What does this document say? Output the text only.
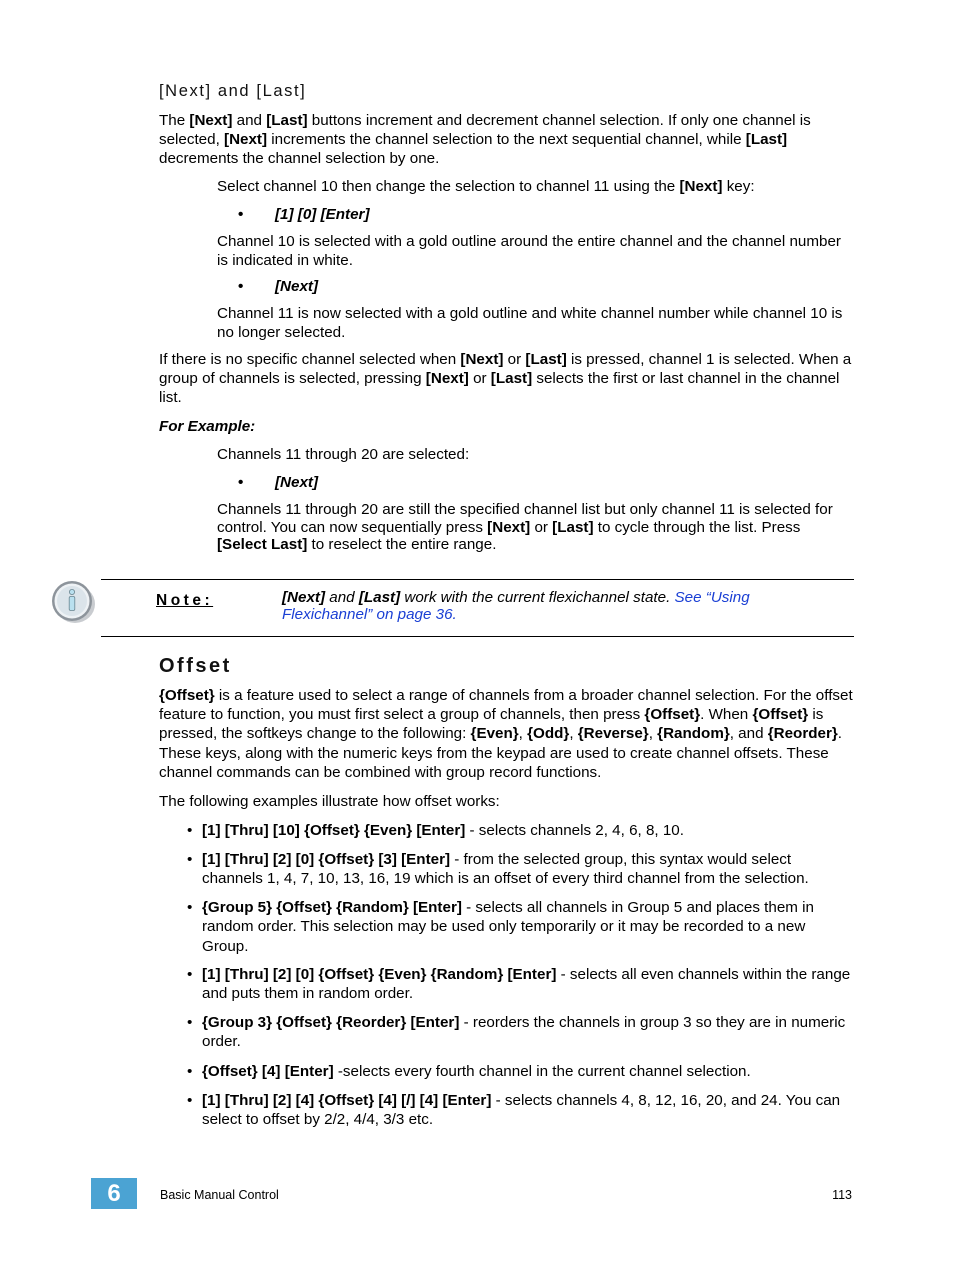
[Next] and [Last]

The [Next] and [Last] buttons increment and decrement channel selection. If only one channel is selected, [Next] increments the channel selection to the next sequential channel, while [Last] decrements the channel selection by one.

Select channel 10 then change the selection to channel 11 using the [Next] key:

• [1] [0] [Enter]

Channel 10 is selected with a gold outline around the entire channel and the channel number is indicated in white.

• [Next]

Channel 11 is now selected with a gold outline and white channel number while channel 10 is no longer selected.

If there is no specific channel selected when [Next] or [Last] is pressed, channel 1 is selected. When a group of channels is selected, pressing [Next] or [Last] selects the first or last channel in the channel list.

For Example:

Channels 11 through 20 are selected:

• [Next]

Channels 11 through 20 are still the specified channel list but only channel 11 is selected for control. You can now sequentially press [Next] or [Last] to cycle through the list. Press [Select Last] to reselect the entire range.

Note:	[Next] and [Last] work with the current flexichannel state. See “Using Flexichannel” on page 36.
Offset

{Offset} is a feature used to select a range of channels from a broader channel selection. For the offset feature to function, you must first select a group of channels, then press {Offset}. When {Offset} is pressed, the softkeys change to the following: {Even}, {Odd}, {Reverse}, {Random}, and {Reorder}. These keys, along with the numeric keys from the keypad are used to create channel offsets. These channel commands can be combined with group record functions.

The following examples illustrate how offset works:

• [1] [Thru] [10] {Offset} {Even} [Enter] - selects channels 2, 4, 6, 8, 10.
• [1] [Thru] [2] [0] {Offset} [3] [Enter] - from the selected group, this syntax would select channels 1, 4, 7, 10, 13, 16, 19 which is an offset of every third channel from the selection.
• {Group 5} {Offset} {Random} [Enter] - selects all channels in Group 5 and places them in random order. This selection may be used only temporarily or it may be recorded to a new Group.
• [1] [Thru] [2] [0] {Offset} {Even} {Random} [Enter] - selects all even channels within the range and puts them in random order.
• {Group 3} {Offset} {Reorder} [Enter] - reorders the channels in group 3 so they are in numeric order.
• {Offset} [4] [Enter] -selects every fourth channel in the current channel selection.
• [1] [Thru] [2] [4] {Offset} [4] [/] [4] [Enter] - selects channels 4, 8, 12, 16, 20, and 24. You can select to offset by 2/2, 4/4, 3/3 etc.
6	Basic Manual Control	113
